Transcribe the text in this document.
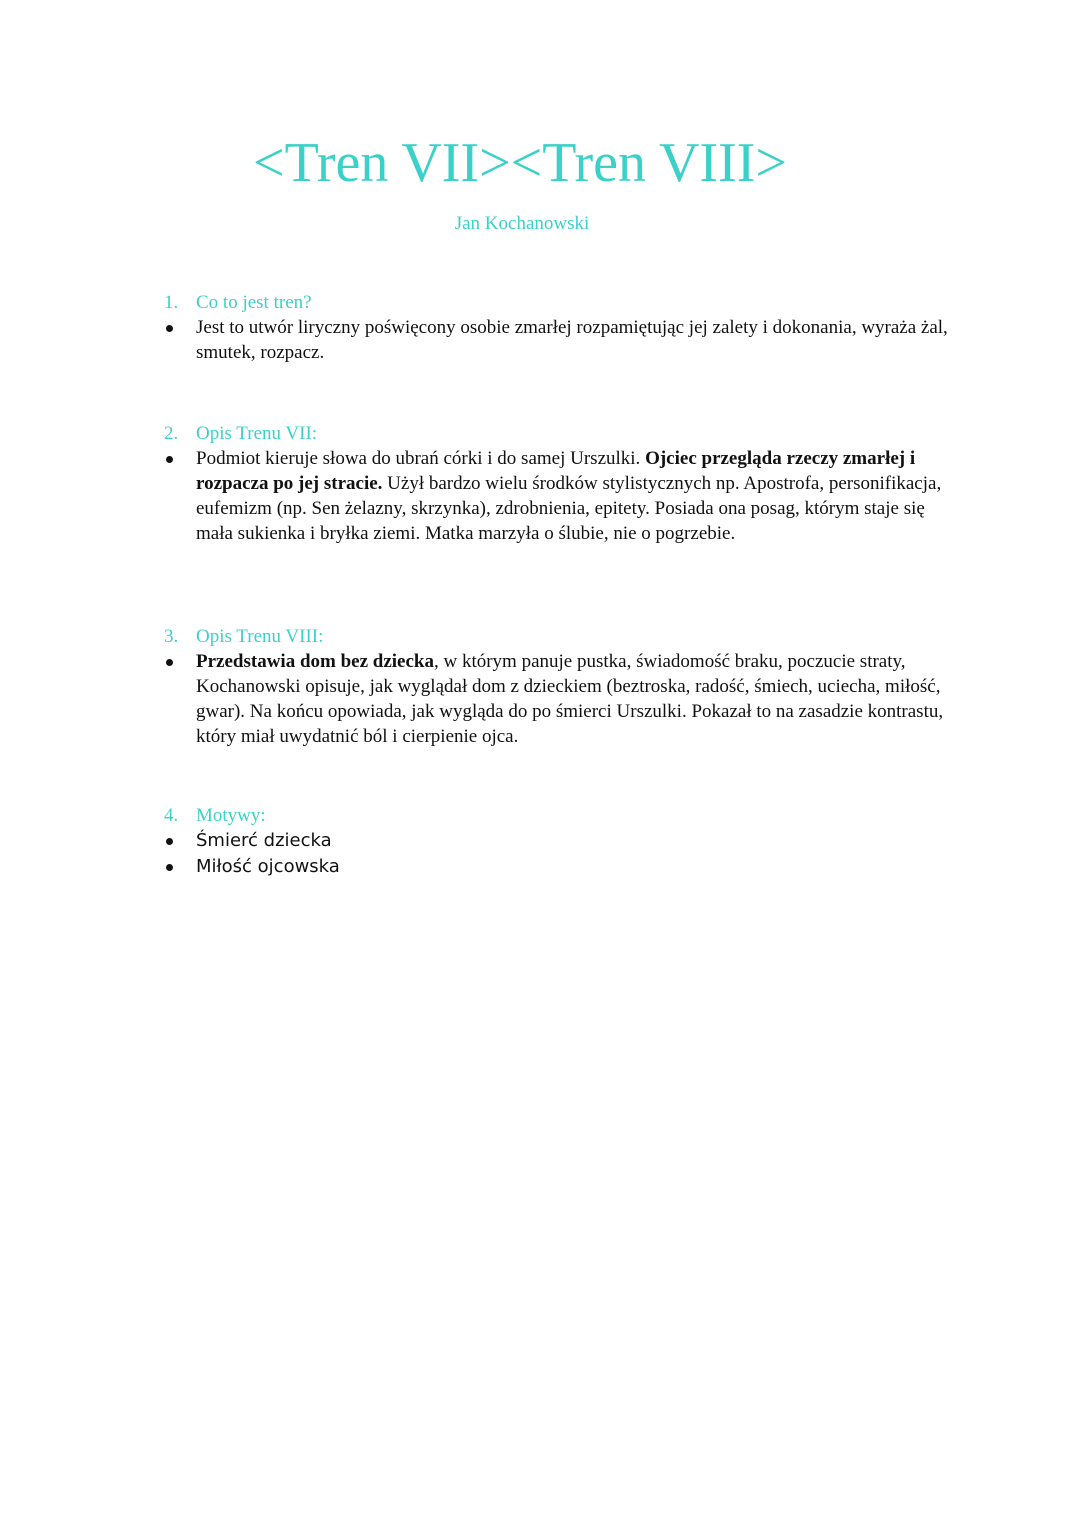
<Tren VII><Tren VIII>
Jan Kochanowski
1. Co to jest tren?
Jest to utwór liryczny poświęcony osobie zmarłej rozpamiętując jej zalety i dokonania, wyraża żal, smutek, rozpacz.
2. Opis Trenu VII:
Podmiot kieruje słowa do ubrań córki i do samej Urszulki. Ojciec przegląda rzeczy zmarłej i rozpacza po jej stracie. Użył bardzo wielu środków stylistycznych np. Apostrofa, personifikacja, eufemizm (np. Sen żelazny, skrzynka), zdrobnienia, epitety. Posiada ona posag, którym staje się mała sukienka i bryłka ziemi. Matka marzyła o ślubie, nie o pogrzebie.
3. Opis Trenu VIII:
Przedstawia dom bez dziecka, w którym panuje pustka, świadomość braku, poczucie straty, Kochanowski opisuje, jak wyglądał dom z dzieckiem (beztroska, radość, śmiech, uciecha, miłość, gwar). Na końcu opowiada, jak wygląda do po śmierci Urszulki. Pokazał to na zasadzie kontrastu, który miał uwydatnić ból i cierpienie ojca.
4. Motywy:
Śmierć dziecka
Miłość ojcowska
